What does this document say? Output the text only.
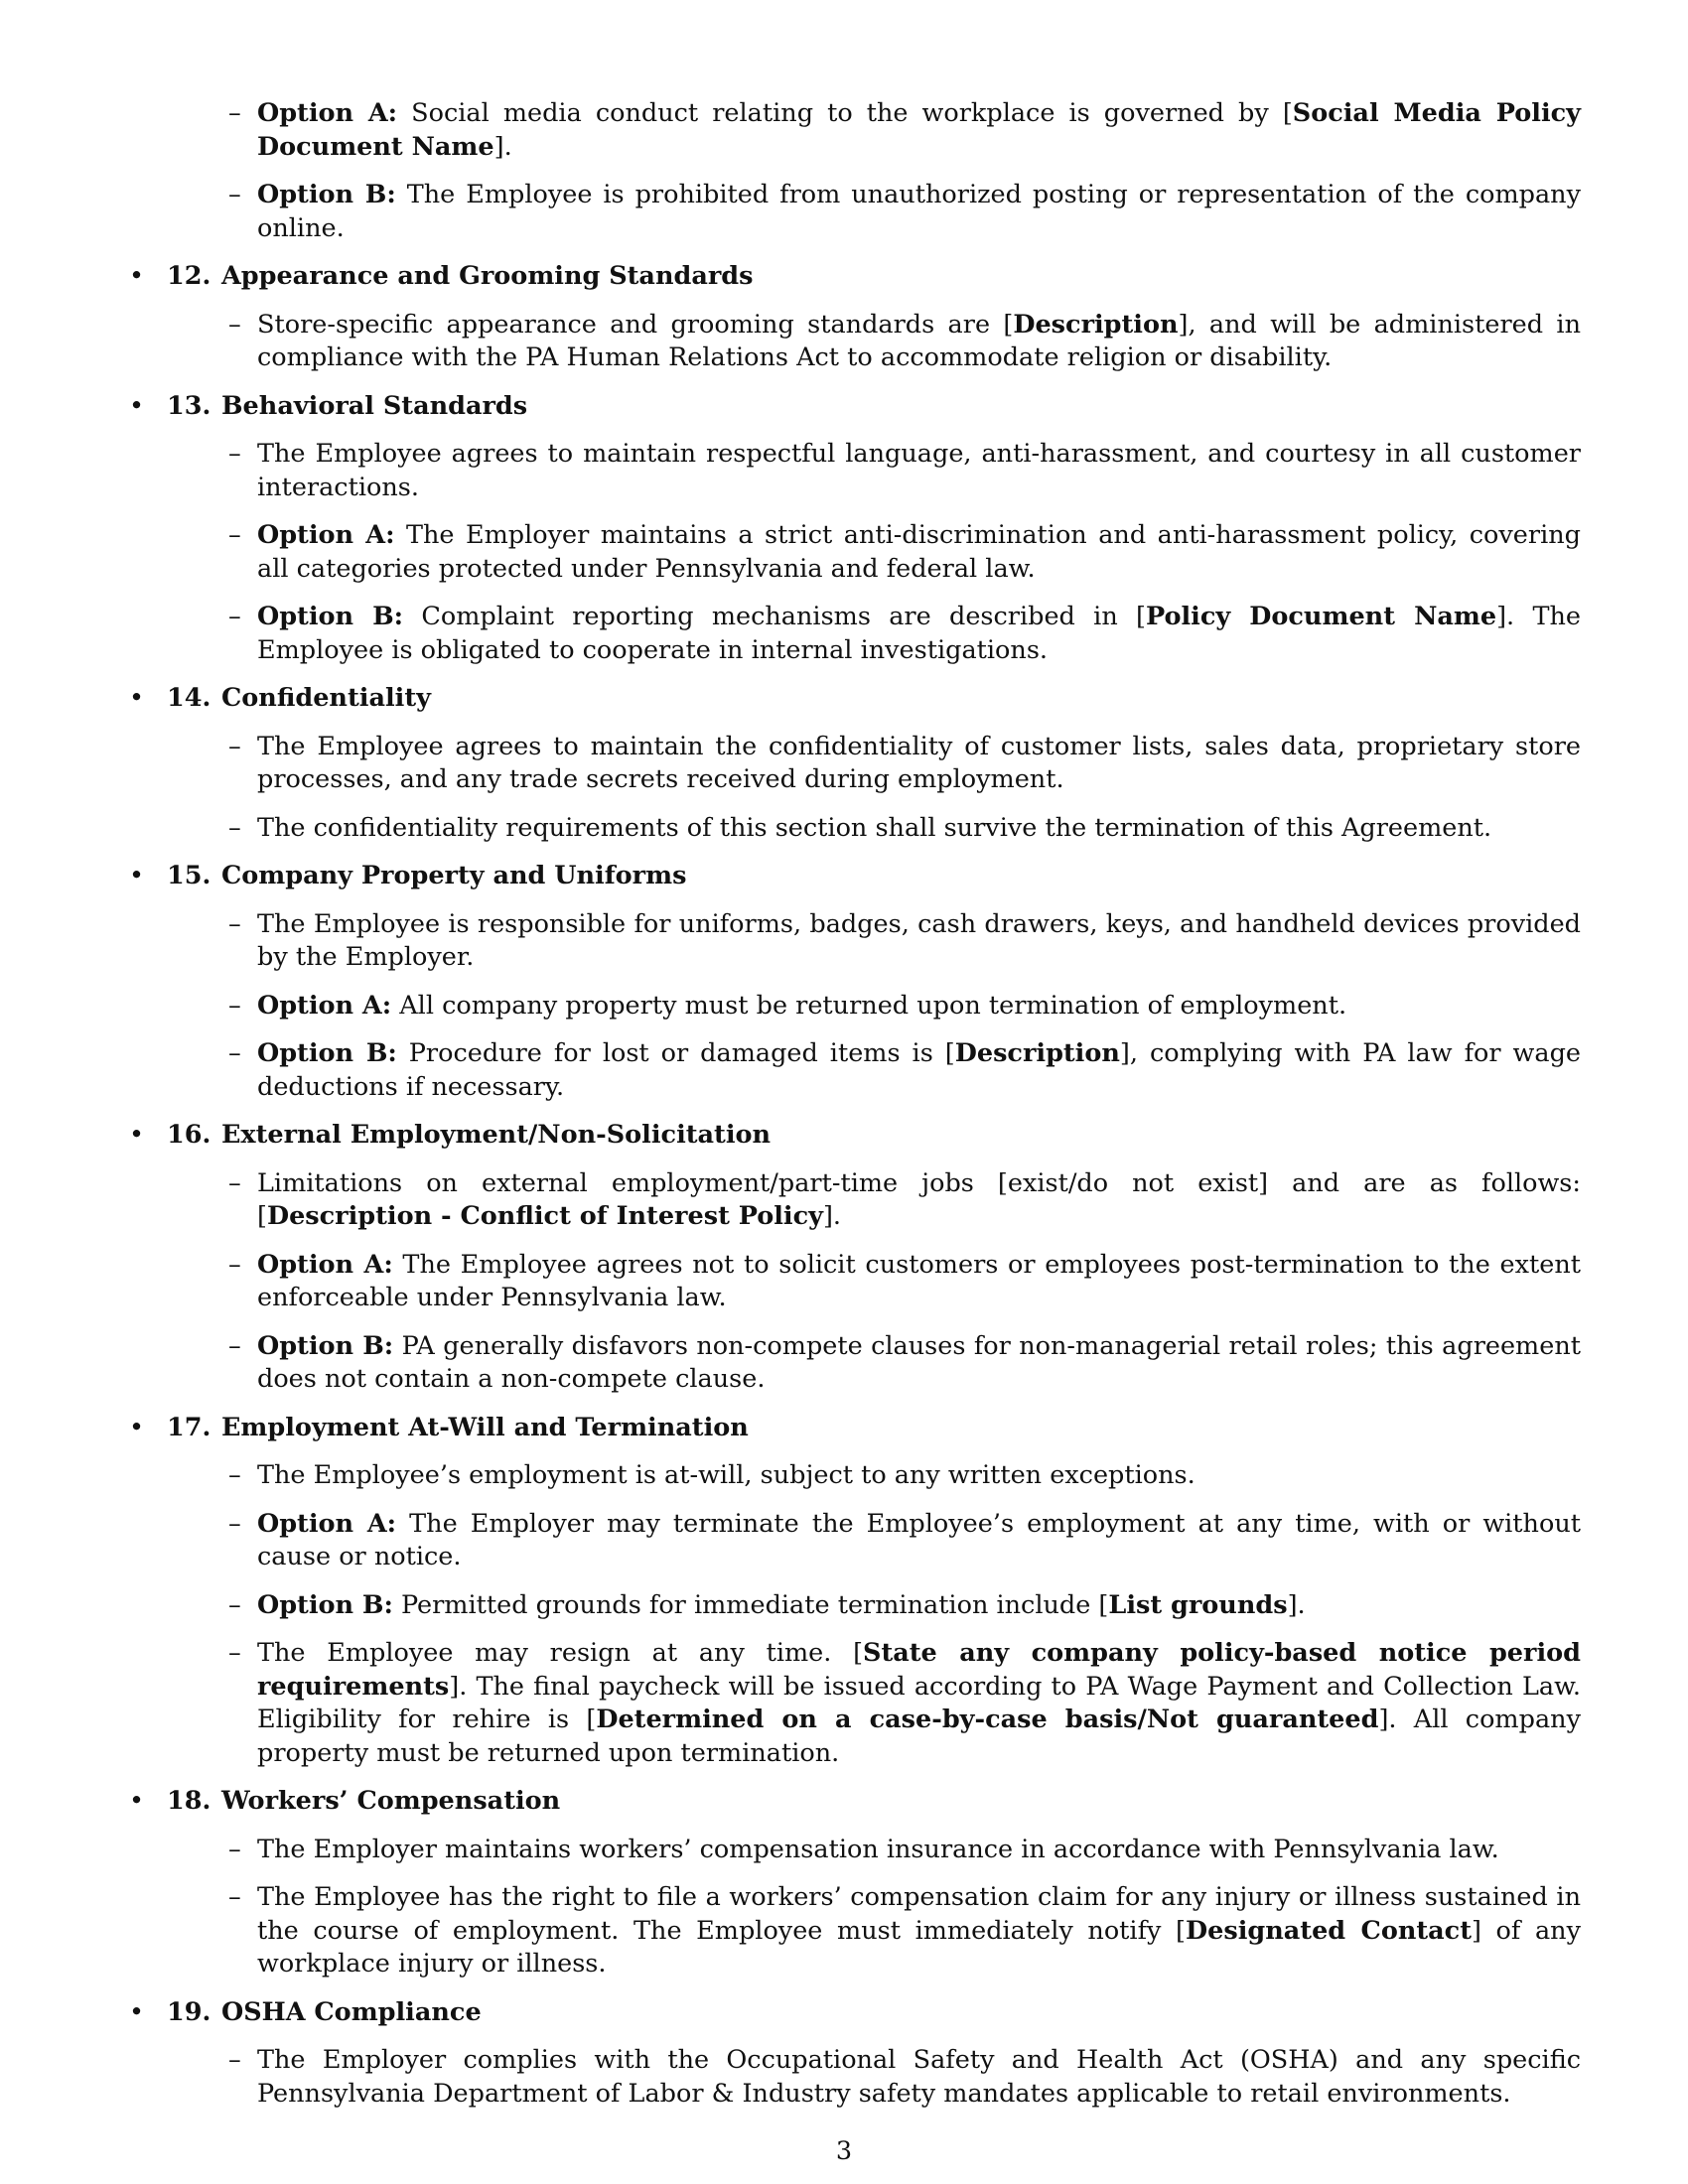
– Option A: Social media conduct relating to the workplace is governed by [Social Media Policy Document Name].
– Option B: The Employee is prohibited from unauthorized posting or representation of the company online.
• 12. Appearance and Grooming Standards
– Store-specific appearance and grooming standards are [Description], and will be administered in compliance with the PA Human Relations Act to accommodate religion or disability.
• 13. Behavioral Standards
– The Employee agrees to maintain respectful language, anti-harassment, and courtesy in all customer interactions.
– Option A: The Employer maintains a strict anti-discrimination and anti-harassment policy, covering all categories protected under Pennsylvania and federal law.
– Option B: Complaint reporting mechanisms are described in [Policy Document Name]. The Employee is obligated to cooperate in internal investigations.
• 14. Confidentiality
– The Employee agrees to maintain the confidentiality of customer lists, sales data, proprietary store processes, and any trade secrets received during employment.
– The confidentiality requirements of this section shall survive the termination of this Agreement.
• 15. Company Property and Uniforms
– The Employee is responsible for uniforms, badges, cash drawers, keys, and handheld devices provided by the Employer.
– Option A: All company property must be returned upon termination of employment.
– Option B: Procedure for lost or damaged items is [Description], complying with PA law for wage deductions if necessary.
• 16. External Employment/Non-Solicitation
– Limitations on external employment/part-time jobs [exist/do not exist] and are as follows: [Description - Conflict of Interest Policy].
– Option A: The Employee agrees not to solicit customers or employees post-termination to the extent enforceable under Pennsylvania law.
– Option B: PA generally disfavors non-compete clauses for non-managerial retail roles; this agreement does not contain a non-compete clause.
• 17. Employment At-Will and Termination
– The Employee’s employment is at-will, subject to any written exceptions.
– Option A: The Employer may terminate the Employee’s employment at any time, with or without cause or notice.
– Option B: Permitted grounds for immediate termination include [List grounds].
– The Employee may resign at any time. [State any company policy-based notice period requirements]. The final paycheck will be issued according to PA Wage Payment and Collection Law. Eligibility for rehire is [Determined on a case-by-case basis/Not guaranteed]. All company property must be returned upon termination.
• 18. Workers’ Compensation
– The Employer maintains workers’ compensation insurance in accordance with Pennsylvania law.
– The Employee has the right to file a workers’ compensation claim for any injury or illness sustained in the course of employment. The Employee must immediately notify [Designated Contact] of any workplace injury or illness.
• 19. OSHA Compliance
– The Employer complies with the Occupational Safety and Health Act (OSHA) and any specific Pennsylvania Department of Labor & Industry safety mandates applicable to retail environments.
3
